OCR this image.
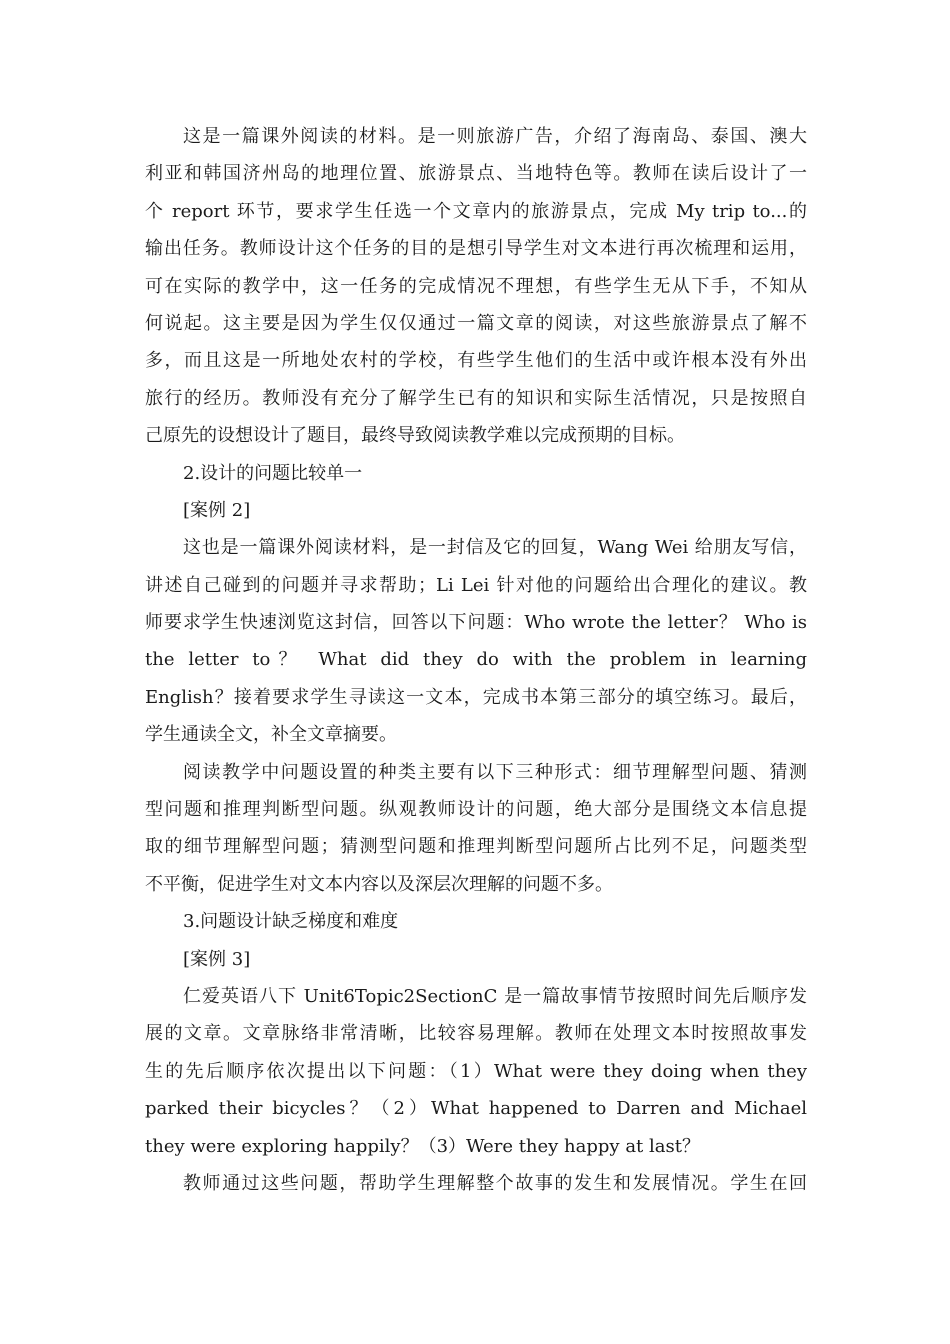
这是一篇课外阅读的材料。是一则旅游广告，介绍了海南岛、泰国、澳大
利亚和韩国济州岛的地理位置、旅游景点、当地特色等。教师在读后设计了一
个 report 环节，要求学生任选一个文章内的旅游景点，完成 My trip to...的
输出任务。教师设计这个任务的目的是想引导学生对文本进行再次梳理和运用，
可在实际的教学中，这一任务的完成情况不理想，有些学生无从下手，不知从
何说起。这主要是因为学生仅仅通过一篇文章的阅读，对这些旅游景点了解不
多，而且这是一所地处农村的学校，有些学生他们的生活中或许根本没有外出
旅行的经历。教师没有充分了解学生已有的知识和实际生活情况，只是按照自
己原先的设想设计了题目，最终导致阅读教学难以完成预期的目标。
2.设计的问题比较单一
[案例 2]
这也是一篇课外阅读材料，是一封信及它的回复，Wang Wei 给朋友写信，
讲述自己碰到的问题并寻求帮助；Li Lei 针对他的问题给出合理化的建议。教
师要求学生快速浏览这封信，回答以下问题：Who wrote the letter？ Who is
the letter to？ What did they do with the problem in learning
English？接着要求学生寻读这一文本，完成书本第三部分的填空练习。最后，
学生通读全文，补全文章摘要。
阅读教学中问题设置的种类主要有以下三种形式：细节理解型问题、猜测
型问题和推理判断型问题。纵观教师设计的问题，绝大部分是围绕文本信息提
取的细节理解型问题；猜测型问题和推理判断型问题所占比列不足，问题类型
不平衡，促进学生对文本内容以及深层次理解的问题不多。
3.问题设计缺乏梯度和难度
[案例 3]
仁爱英语八下 Unit6Topic2SectionC 是一篇故事情节按照时间先后顺序发
展的文章。文章脉络非常清晰，比较容易理解。教师在处理文本时按照故事发
生的先后顺序依次提出以下问题：（1）What were they doing when they
parked their bicycles？（2）What happened to Darren and Michael
they were exploring happily？（3）Were they happy at last？
教师通过这些问题，帮助学生理解整个故事的发生和发展情况。学生在回
